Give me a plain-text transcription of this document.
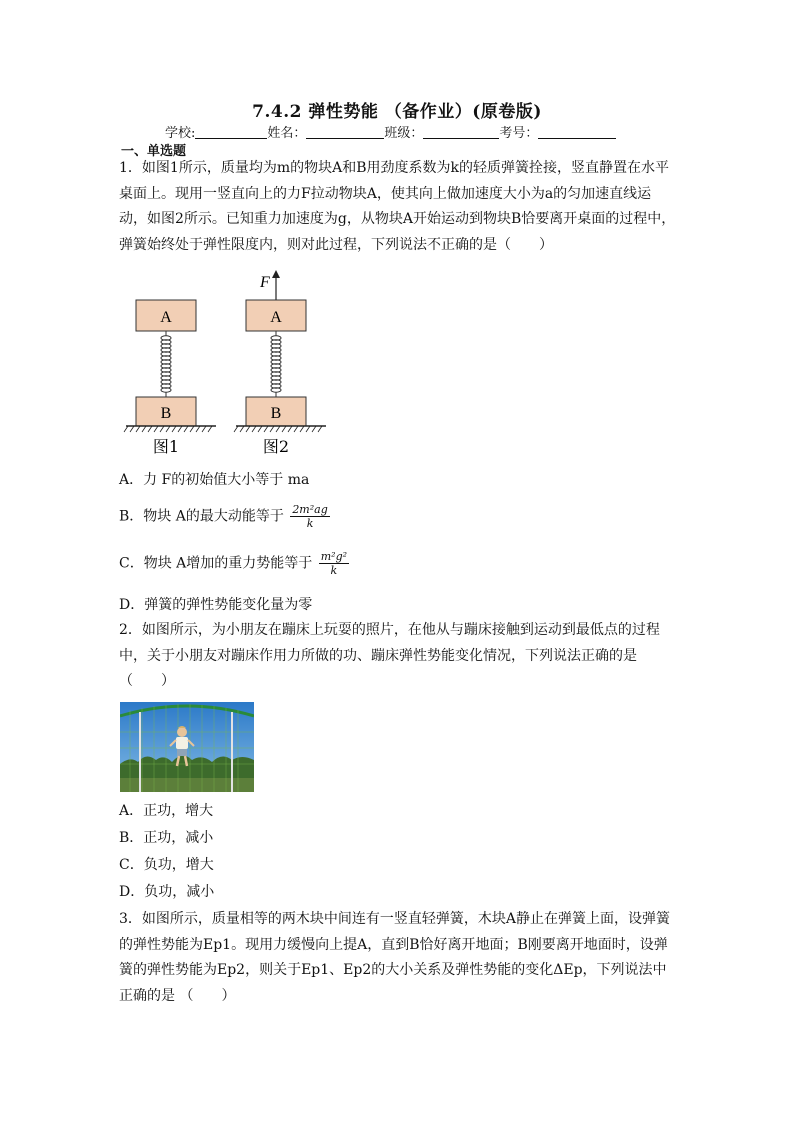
7.4.2 弹性势能 （备作业）(原卷版)
学校:	姓名：	班级：	考号：
一、单选题
1．如图1所示，质量均为m的物块A和B用劲度系数为k的轻质弹簧拴接，竖直静置在水平桌面上。现用一竖直向上的力F拉动物块A，使其向上做加速度大小为a的匀加速直线运动，如图2所示。已知重力加速度为g，从物块A开始运动到物块B恰要离开桌面的过程中，弹簧始终处于弹性限度内，则对此过程，下列说法不正确的是（　　）
A
B
图1
F
A
B
图2
A．力 F的初始值大小等于 ma
B．物块 A的最大动能等于 $\frac{\text{2m²ag}}{k}$
C．物块 A增加的重力势能等于 $\frac{\text{m²g²}}{k}$
D．弹簧的弹性势能变化量为零
2．如图所示，为小朋友在蹦床上玩耍的照片，在他从与蹦床接触到运动到最低点的过程中，关于小朋友对蹦床作用力所做的功、蹦床弹性势能变化情况，下列说法正确的是（　　）
A．正功，增大
B．正功，减小
C．负功，增大
D．负功，减小
3．如图所示，质量相等的两木块中间连有一竖直轻弹簧，木块A静止在弹簧上面，设弹簧的弹性势能为Ep1。现用力缓慢向上提A，直到B恰好离开地面；B刚要离开地面时，设弹簧的弹性势能为Ep2，则关于Ep1、Ep2的大小关系及弹性势能的变化ΔEp，下列说法中正确的是 （　　）
